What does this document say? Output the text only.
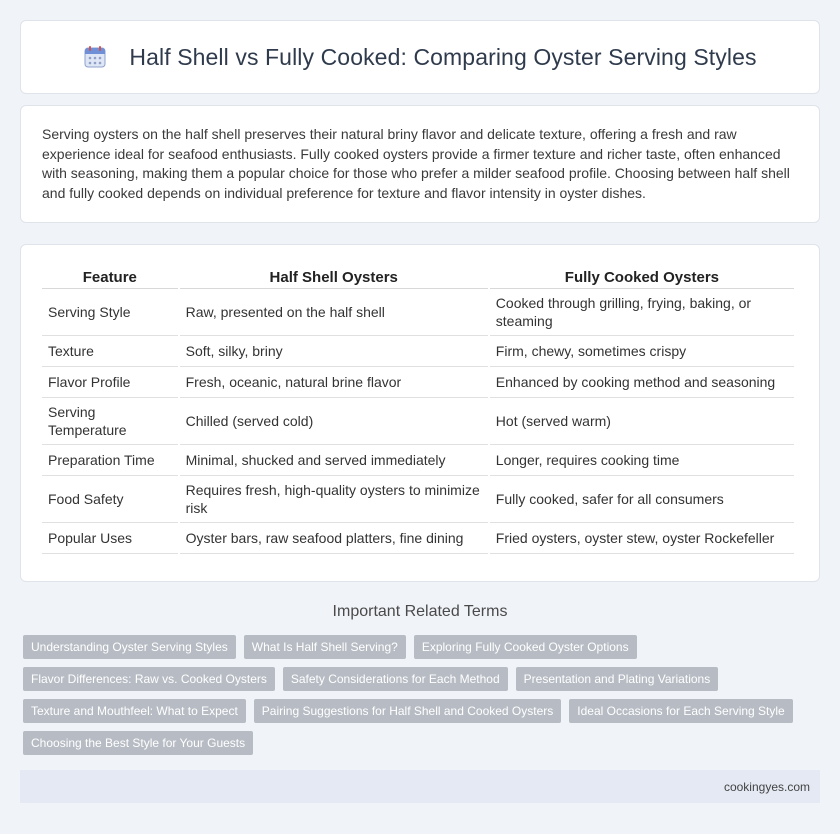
Half Shell vs Fully Cooked: Comparing Oyster Serving Styles

Serving oysters on the half shell preserves their natural briny flavor and delicate texture, offering a fresh and raw experience ideal for seafood enthusiasts. Fully cooked oysters provide a firmer texture and richer taste, often enhanced with seasoning, making them a popular choice for those who prefer a milder seafood profile. Choosing between half shell and fully cooked depends on individual preference for texture and flavor intensity in oyster dishes.

Feature	Half Shell Oysters	Fully Cooked Oysters
Serving Style	Raw, presented on the half shell	Cooked through grilling, frying, baking, or steaming
Texture	Soft, silky, briny	Firm, chewy, sometimes crispy
Flavor Profile	Fresh, oceanic, natural brine flavor	Enhanced by cooking method and seasoning
Serving Temperature	Chilled (served cold)	Hot (served warm)
Preparation Time	Minimal, shucked and served immediately	Longer, requires cooking time
Food Safety	Requires fresh, high-quality oysters to minimize risk	Fully cooked, safer for all consumers
Popular Uses	Oyster bars, raw seafood platters, fine dining	Fried oysters, oyster stew, oyster Rockefeller
Important Related Terms
Understanding Oyster Serving Styles	What Is Half Shell Serving?	Exploring Fully Cooked Oyster Options
Flavor Differences: Raw vs. Cooked Oysters	Safety Considerations for Each Method	Presentation and Plating Variations
Texture and Mouthfeel: What to Expect	Pairing Suggestions for Half Shell and Cooked Oysters	Ideal Occasions for Each Serving Style
Choosing the Best Style for Your Guests
cookingyes.com
